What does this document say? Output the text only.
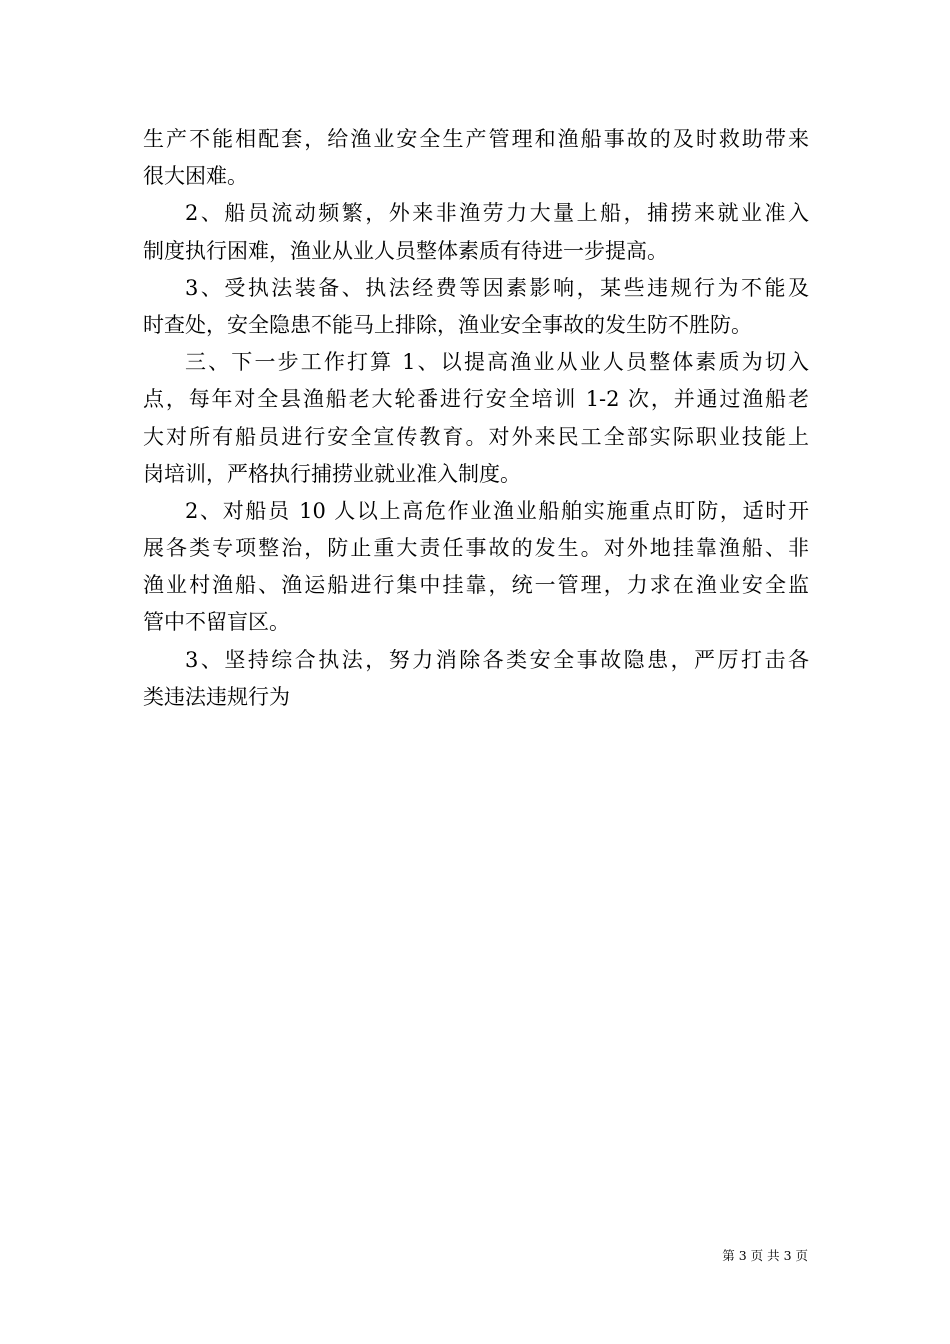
生产不能相配套，给渔业安全生产管理和渔船事故的及时救助带来
很大困难。
2、船员流动频繁，外来非渔劳力大量上船，捕捞来就业准入
制度执行困难，渔业从业人员整体素质有待进一步提高。
3、受执法装备、执法经费等因素影响，某些违规行为不能及
时查处，安全隐患不能马上排除，渔业安全事故的发生防不胜防。
三、下一步工作打算 1、以提高渔业从业人员整体素质为切入
点，每年对全县渔船老大轮番进行安全培训 1-2 次，并通过渔船老
大对所有船员进行安全宣传教育。对外来民工全部实际职业技能上
岗培训，严格执行捕捞业就业准入制度。
2、对船员 10 人以上高危作业渔业船舶实施重点盯防，适时开
展各类专项整治，防止重大责任事故的发生。对外地挂靠渔船、非
渔业村渔船、渔运船进行集中挂靠，统一管理，力求在渔业安全监
管中不留盲区。
3、坚持综合执法，努力消除各类安全事故隐患，严厉打击各
类违法违规行为
第 3 页 共 3 页
